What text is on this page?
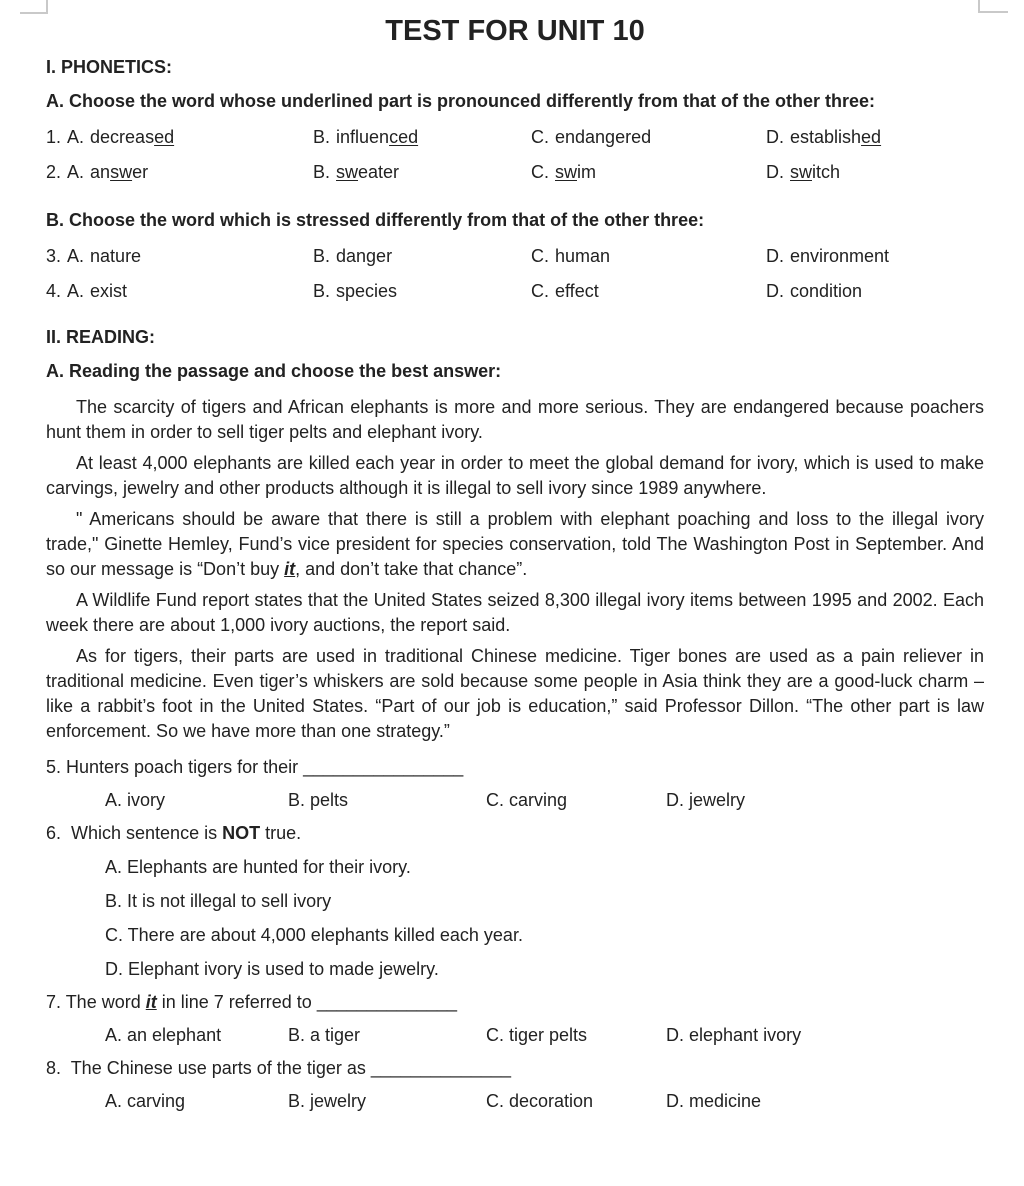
TEST FOR UNIT 10
I. PHONETICS:
A. Choose the word whose underlined part is pronounced differently from that of the other three:
1. A. decreased	B. influenced	C. endangered	D. established
2. A. answer	B. sweater	C. swim	D. switch
B. Choose the word which is stressed differently from that of the other three:
3. A. nature	B. danger	C. human	D. environment
4. A. exist	B. species	C. effect	D. condition
II. READING:
A. Reading the passage and choose the best answer:

The scarcity of tigers and African elephants is more and more serious. They are endangered because poachers hunt them in order to sell tiger pelts and elephant ivory.

At least 4,000 elephants are killed each year in order to meet the global demand for ivory, which is used to make carvings, jewelry and other products although it is illegal to sell ivory since 1989 anywhere.

" Americans should be aware that there is still a problem with elephant poaching and loss to the illegal ivory trade," Ginette Hemley, Fund’s vice president for species conservation, told The Washington Post in September. And so our message is “Don’t buy it, and don’t take that chance”.

A Wildlife Fund report states that the United States seized 8,300 illegal ivory items between 1995 and 2002. Each week there are about 1,000 ivory auctions, the report said.

As for tigers, their parts are used in traditional Chinese medicine. Tiger bones are used as a pain reliever in traditional medicine. Even tiger’s whiskers are sold because some people in Asia think they are a good-luck charm – like a rabbit’s foot in the United States. “Part of our job is education,” said Professor Dillon. “The other part is law enforcement. So we have more than one strategy.”

5. Hunters poach tigers for their ________________
A. ivory	B. pelts	C. carving	D. jewelry
6.  Which sentence is NOT true.
A. Elephants are hunted for their ivory.
B. It is not illegal to sell ivory
C. There are about 4,000 elephants killed each year.
D. Elephant ivory is used to made jewelry.
7. The word it in line 7 referred to ______________
A. an elephant	B. a tiger	C. tiger pelts	D. elephant ivory
8.  The Chinese use parts of the tiger as ______________
A. carving	B. jewelry	C. decoration	D. medicine
